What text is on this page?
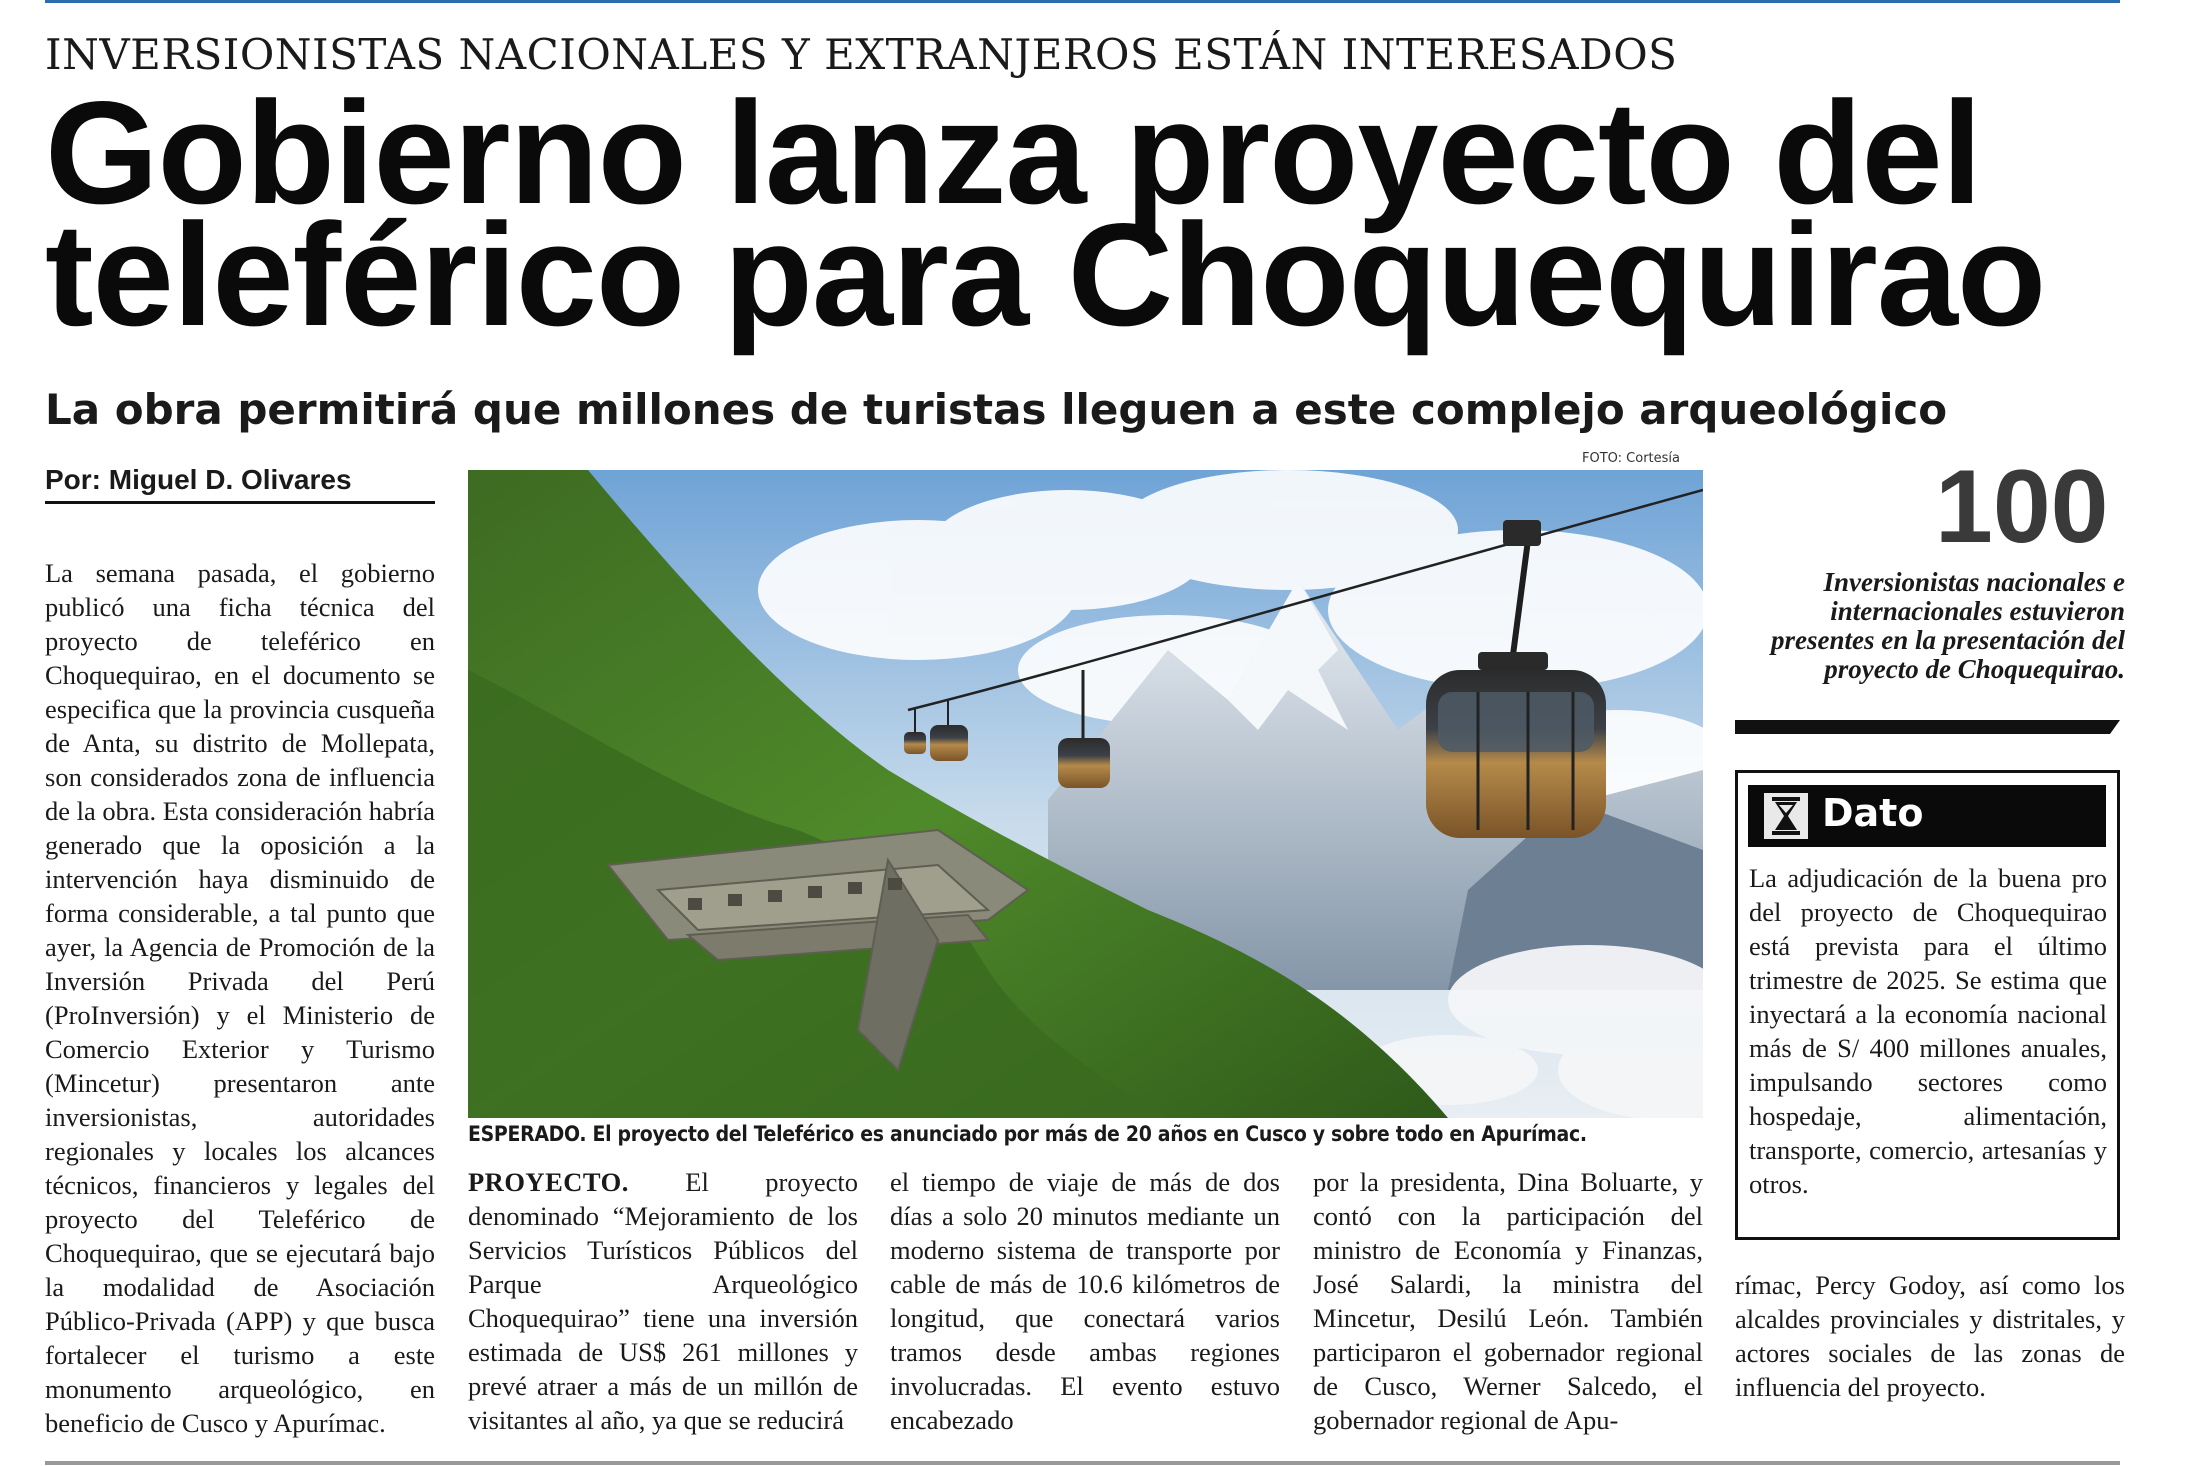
INVERSIONISTAS NACIONALES Y EXTRANJEROS ESTÁN INTERESADOS
Gobierno lanza proyecto del
teleférico para Choquequirao
La obra permitirá que millones de turistas lleguen a este complejo arqueológico
Por: Miguel D. Olivares
La semana pasada, el gobierno publicó una ficha técnica del proyecto de teleférico en Choquequirao, en el documento se especifica que la provincia cusqueña de Anta, su distrito de Mollepata, son considerados zona de influencia de la obra. Esta consideración habría generado que la oposición a la intervención haya disminuido de forma considerable, a tal punto que ayer, la Agencia de Promoción de la Inversión Privada del Perú (ProInversión) y el Ministerio de Comercio Exterior y Turismo (Mincetur) presentaron ante inversionistas, autoridades regionales y locales los alcances técnicos, financieros y legales del proyecto del Teleférico de Choquequirao, que se ejecutará bajo la modalidad de Asociación Público-Privada (APP) y que busca fortalecer el turismo a este monumento arqueológico, en beneficio de Cusco y Apurímac.
FOTO: Cortesía
ESPERADO. El proyecto del Teleférico es anunciado por más de 20 años en Cusco y sobre todo en Apurímac.
PROYECTO. El proyecto denominado “Mejoramiento de los Servicios Turísticos Públicos del Parque Arqueológico Choquequirao” tiene una inversión estimada de US$ 261 millones y prevé atraer a más de un millón de visitantes al año, ya que se reducirá
el tiempo de viaje de más de dos días a solo 20 minutos mediante un moderno sistema de transporte por cable de más de 10.6 kilómetros de longitud, que conectará varios tramos desde ambas regiones involucradas. El evento estuvo encabezado
por la presidenta, Dina Boluarte, y contó con la participación del ministro de Economía y Finanzas, José Salardi, la ministra del Mincetur, Desilú León. También participaron el gobernador regional de Cusco, Werner Salcedo, el gobernador regional de Apu-
100
Inversionistas nacionales e internacionales estuvieron presentes en la presentación del proyecto de Choquequirao.
Dato
La adjudicación de la buena pro del proyecto de Choquequirao está prevista para el último trimestre de 2025. Se estima que inyectará a la economía nacional más de S/ 400 millones anuales, impulsando sectores como hospedaje, alimentación, transporte, comercio, artesanías y otros.
rímac, Percy Godoy, así como los alcaldes provinciales y distritales, y actores sociales de las zonas de influencia del proyecto.
